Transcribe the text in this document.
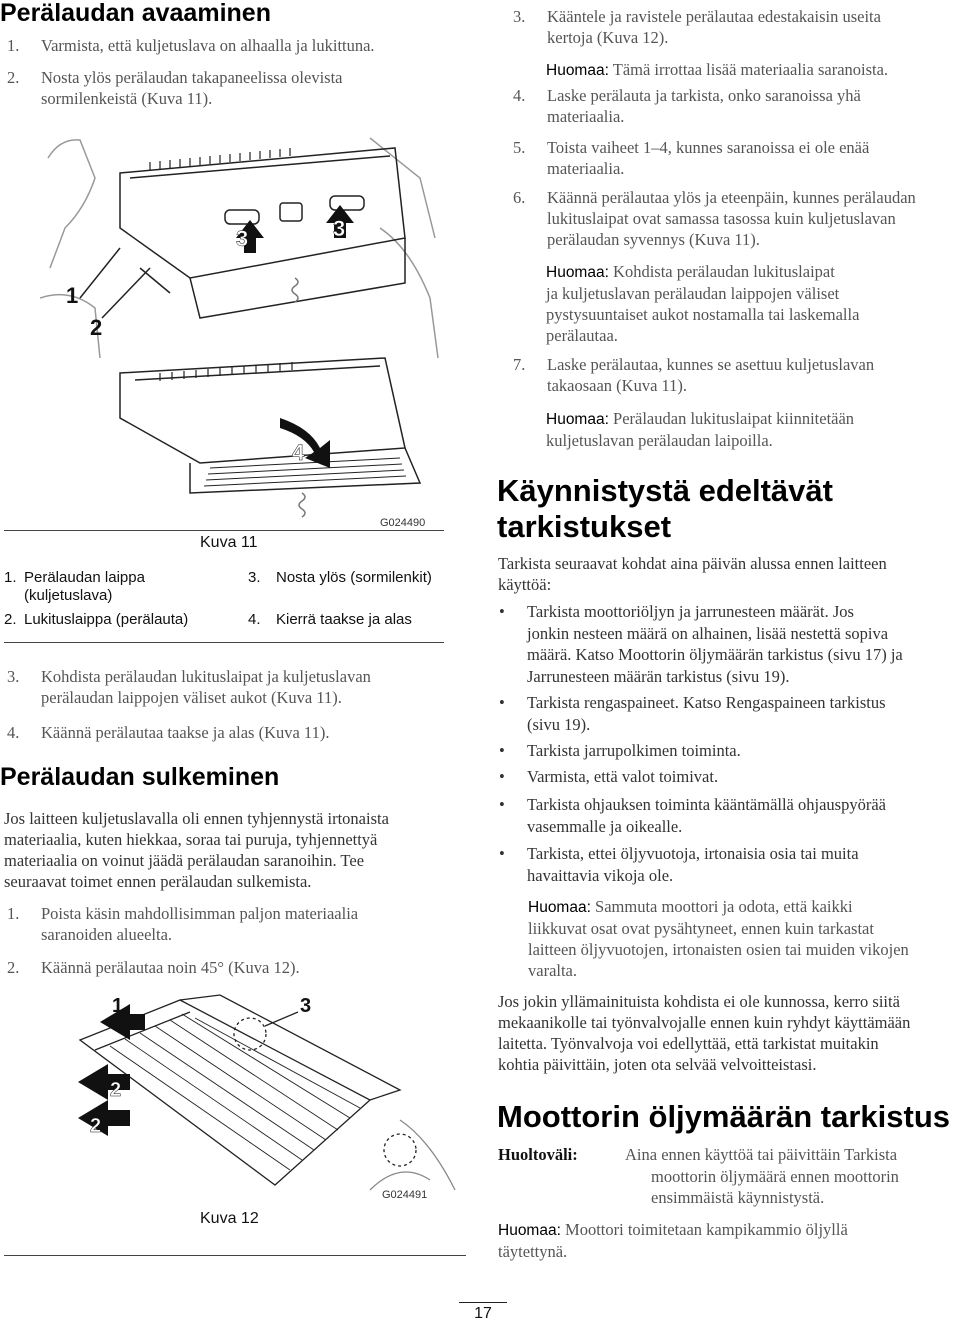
Perälaudan avaaminen
1. Varmista, että kuljetuslava on alhaalla ja lukittuna.
2. Nosta ylös perälaudan takapaneelissa olevista
sormilenkeistä (Kuva 11).
1
2
3	3
4
G024490
Kuva 11
1. Perälaudan laippa
(kuljetuslava)
2. Lukituslaippa (perälauta)
3. Nosta ylös (sormilenkit)
4. Kierrä taakse ja alas
3. Kohdista perälaudan lukituslaipat ja kuljetuslavan
perälaudan laippojen väliset aukot (Kuva 11).
4. Käännä perälautaa taakse ja alas (Kuva 11).
Perälaudan sulkeminen
Jos laitteen kuljetuslavalla oli ennen tyhjennystä irtonaista
materiaalia, kuten hiekkaa, soraa tai puruja, tyhjennettyä
materiaalia on voinut jäädä perälaudan saranoihin. Tee
seuraavat toimet ennen perälaudan sulkemista.
1. Poista käsin mahdollisimman paljon materiaalia
saranoiden alueelta.
2. Käännä perälautaa noin 45° (Kuva 12).
1
2
2
3
G024491
Kuva 12
3. Kääntele ja ravistele perälautaa edestakaisin useita
kertoja (Kuva 12).
Huomaa: Tämä irrottaa lisää materiaalia saranoista.
4. Laske perälauta ja tarkista, onko saranoissa yhä
materiaalia.
5. Toista vaiheet 1–4, kunnes saranoissa ei ole enää
materiaalia.
6. Käännä perälautaa ylös ja eteenpäin, kunnes perälaudan
lukituslaipat ovat samassa tasossa kuin kuljetuslavan
perälaudan syvennys (Kuva 11).
Huomaa: Kohdista perälaudan lukituslaipat
ja kuljetuslavan perälaudan laippojen väliset
pystysuuntaiset aukot nostamalla tai laskemalla
perälautaa.
7. Laske perälautaa, kunnes se asettuu kuljetuslavan
takaosaan (Kuva 11).
Huomaa: Perälaudan lukituslaipat kiinnitetään
kuljetuslavan perälaudan laipoilla.
Käynnistystä edeltävät
tarkistukset
Tarkista seuraavat kohdat aina päivän alussa ennen laitteen
käyttöä:
• Tarkista moottoriöljyn ja jarrunesteen määrät. Jos
jonkin nesteen määrä on alhainen, lisää nestettä sopiva
määrä. Katso Moottorin öljymäärän tarkistus (sivu 17) ja
Jarrunesteen määrän tarkistus (sivu 19).
• Tarkista rengaspaineet. Katso Rengaspaineen tarkistus
(sivu 19).
• Tarkista jarrupolkimen toiminta.
• Varmista, että valot toimivat.
• Tarkista ohjauksen toiminta kääntämällä ohjauspyörää
vasemmalle ja oikealle.
• Tarkista, ettei öljyvuotoja, irtonaisia osia tai muita
havaittavia vikoja ole.
Huomaa: Sammuta moottori ja odota, että kaikki
liikkuvat osat ovat pysähtyneet, ennen kuin tarkastat
laitteen öljyvuotojen, irtonaisten osien tai muiden vikojen
varalta.
Jos jokin yllämainituista kohdista ei ole kunnossa, kerro siitä
mekaanikolle tai työnvalvojalle ennen kuin ryhdyt käyttämään
laitetta. Työnvalvoja voi edellyttää, että tarkistat muitakin
kohtia päivittäin, joten ota selvää velvoitteistasi.
Moottorin öljymäärän tarkistus
Huoltoväli:	Aina ennen käyttöä tai päivittäin Tarkista
moottorin öljymäärä ennen moottorin
ensimmäistä käynnistystä.
Huomaa: Moottori toimitetaan kampikammio öljyllä
täytettynä.
17
